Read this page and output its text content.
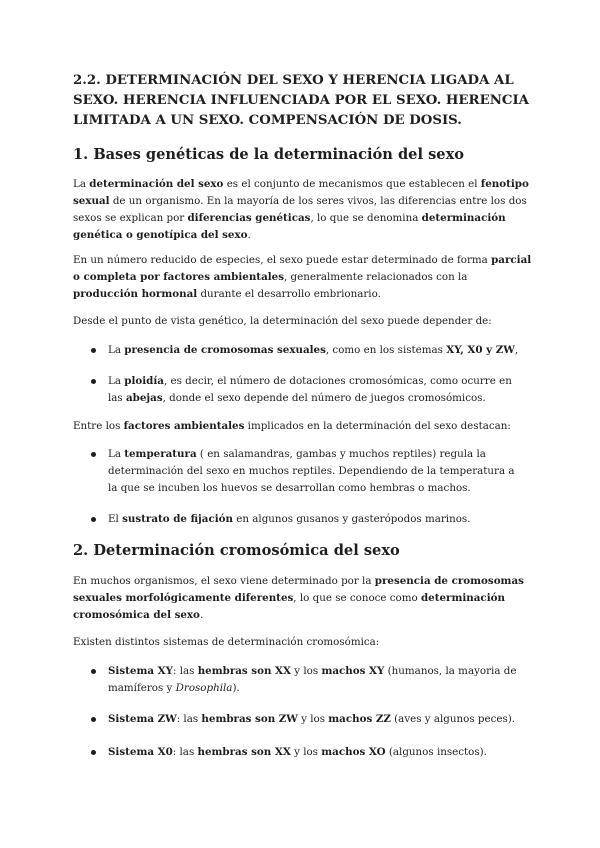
2.2. DETERMINACIÓN DEL SEXO Y HERENCIA LIGADA AL SEXO. HERENCIA INFLUENCIADA POR EL SEXO. HERENCIA LIMITADA A UN SEXO. COMPENSACIÓN DE DOSIS.
1. Bases genéticas de la determinación del sexo
La determinación del sexo es el conjunto de mecanismos que establecen el fenotipo sexual de un organismo. En la mayoría de los seres vivos, las diferencias entre los dos sexos se explican por diferencias genéticas, lo que se denomina determinación genética o genotípica del sexo.
En un número reducido de especies, el sexo puede estar determinado de forma parcial o completa por factores ambientales, generalmente relacionados con la producción hormonal durante el desarrollo embrionario.
Desde el punto de vista genético, la determinación del sexo puede depender de:
La presencia de cromosomas sexuales, como en los sistemas XY, X0 y ZW,
La ploidía, es decir, el número de dotaciones cromosómicas, como ocurre en las abejas, donde el sexo depende del número de juegos cromosómicos.
Entre los factores ambientales implicados en la determinación del sexo destacan:
La temperatura ( en salamandras, gambas y muchos reptiles) regula la determinación del sexo en muchos reptiles. Dependiendo de la temperatura a la que se incuben los huevos se desarrollan como hembras o machos.
El sustrato de fijación en algunos gusanos y gasterópodos marinos.
2. Determinación cromosómica del sexo
En muchos organismos, el sexo viene determinado por la presencia de cromosomas sexuales morfológicamente diferentes, lo que se conoce como determinación cromosómica del sexo.
Existen distintos sistemas de determinación cromosómica:
Sistema XY: las hembras son XX y los machos XY (humanos, la mayoria de mamíferos y Drosophila).
Sistema ZW: las hembras son ZW y los machos ZZ (aves y algunos peces).
Sistema X0: las hembras son XX y los machos XO (algunos insectos).
